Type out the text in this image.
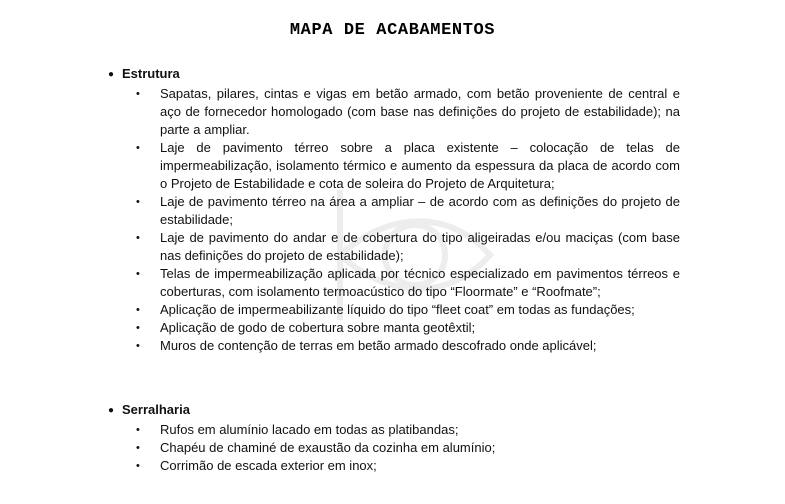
MAPA DE ACABAMENTOS
● Estrutura
• Sapatas, pilares, cintas e vigas em betão armado, com betão proveniente de central e aço de fornecedor homologado (com base nas definições do projeto de estabilidade); na parte a ampliar.
• Laje de pavimento térreo sobre a placa existente – colocação de telas de impermeabilização, isolamento térmico e aumento da espessura da placa de acordo com o Projeto de Estabilidade e cota de soleira do Projeto de Arquitetura;
• Laje de pavimento térreo na área a ampliar – de acordo com as definições do projeto de estabilidade;
• Laje de pavimento do andar e de cobertura do tipo aligeiradas e/ou maciças (com base nas definições do projeto de estabilidade);
• Telas de impermeabilização aplicada por técnico especializado em pavimentos térreos e coberturas, com isolamento termoacústico do tipo “Floormate” e “Roofmate”;
• Aplicação de impermeabilizante líquido do tipo “fleet coat” em todas as fundações;
• Aplicação de godo de cobertura sobre manta geotêxtil;
• Muros de contenção de terras em betão armado descofrado onde aplicável;
● Serralharia
• Rufos em alumínio lacado em todas as platibandas;
• Chapéu de chaminé de exaustão da cozinha em alumínio;
• Corrimão de escada exterior em inox;
